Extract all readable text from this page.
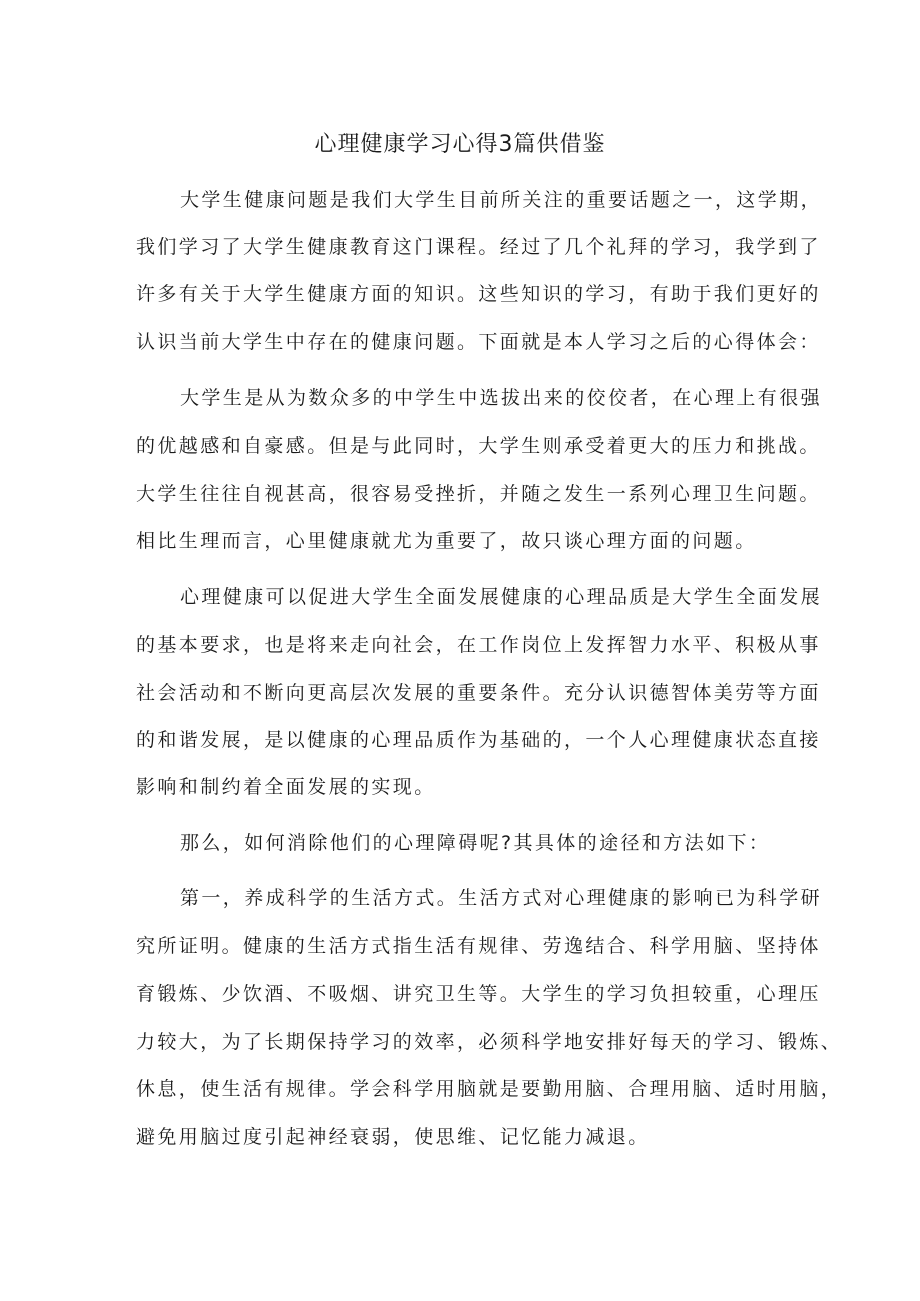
心理健康学习心得3篇供借鉴

大学生健康问题是我们大学生目前所关注的重要话题之一，这学期，

我们学习了大学生健康教育这门课程。经过了几个礼拜的学习，我学到了

许多有关于大学生健康方面的知识。这些知识的学习，有助于我们更好的

认识当前大学生中存在的健康问题。下面就是本人学习之后的心得体会：

大学生是从为数众多的中学生中选拔出来的佼佼者，在心理上有很强

的优越感和自豪感。但是与此同时，大学生则承受着更大的压力和挑战。

大学生往往自视甚高，很容易受挫折，并随之发生一系列心理卫生问题。

相比生理而言，心里健康就尤为重要了，故只谈心理方面的问题。

心理健康可以促进大学生全面发展健康的心理品质是大学生全面发展

的基本要求，也是将来走向社会，在工作岗位上发挥智力水平、积极从事

社会活动和不断向更高层次发展的重要条件。充分认识德智体美劳等方面

的和谐发展，是以健康的心理品质作为基础的，一个人心理健康状态直接

影响和制约着全面发展的实现。

那么，如何消除他们的心理障碍呢?其具体的途径和方法如下：

第一，养成科学的生活方式。生活方式对心理健康的影响已为科学研

究所证明。健康的生活方式指生活有规律、劳逸结合、科学用脑、坚持体

育锻炼、少饮酒、不吸烟、讲究卫生等。大学生的学习负担较重，心理压

力较大，为了长期保持学习的效率，必须科学地安排好每天的学习、锻炼、

休息，使生活有规律。学会科学用脑就是要勤用脑、合理用脑、适时用脑，

避免用脑过度引起神经衰弱，使思维、记忆能力减退。
